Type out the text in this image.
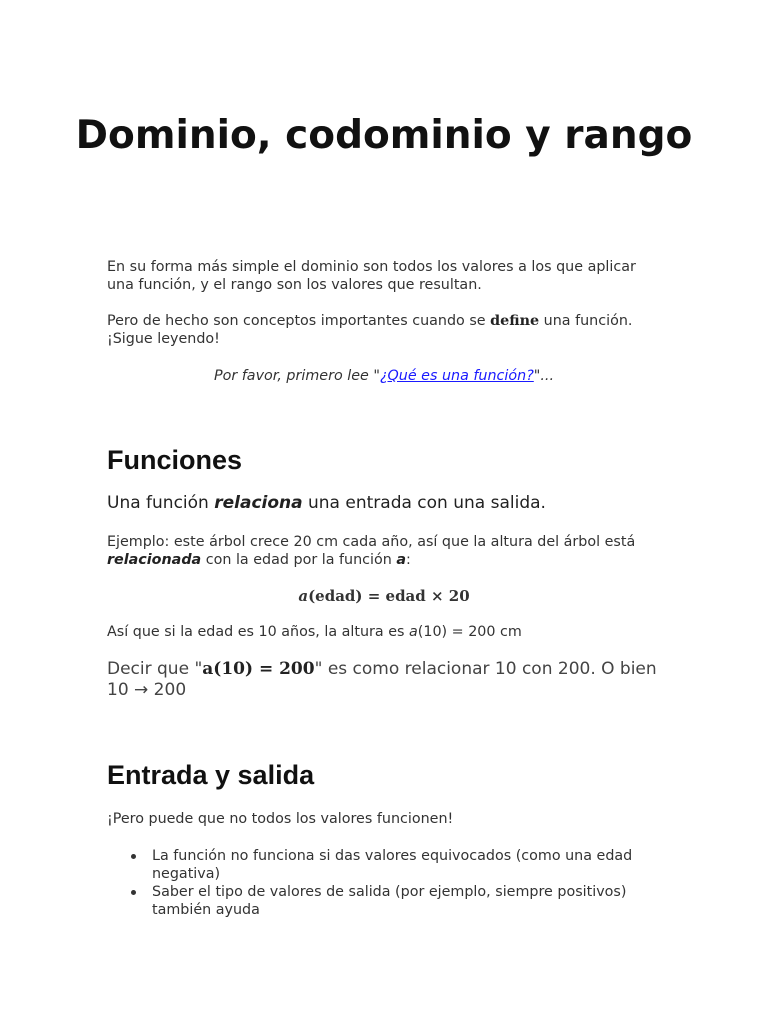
Dominio, codominio y rango

En su forma más simple el dominio son todos los valores a los que aplicar una función, y el rango son los valores que resultan.

Pero de hecho son conceptos importantes cuando se define una función. ¡Sigue leyendo!

Por favor, primero lee "¿Qué es una función?"...

Funciones

Una función relaciona una entrada con una salida.

Ejemplo: este árbol crece 20 cm cada año, así que la altura del árbol está relacionada con la edad por la función a:

a(edad) = edad × 20

Así que si la edad es 10 años, la altura es a(10) = 200 cm

Decir que "a(10) = 200" es como relacionar 10 con 200. O bien 10 → 200

Entrada y salida

¡Pero puede que no todos los valores funcionen!

La función no funciona si das valores equivocados (como una edad negativa)
Saber el tipo de valores de salida (por ejemplo, siempre positivos) también ayuda
